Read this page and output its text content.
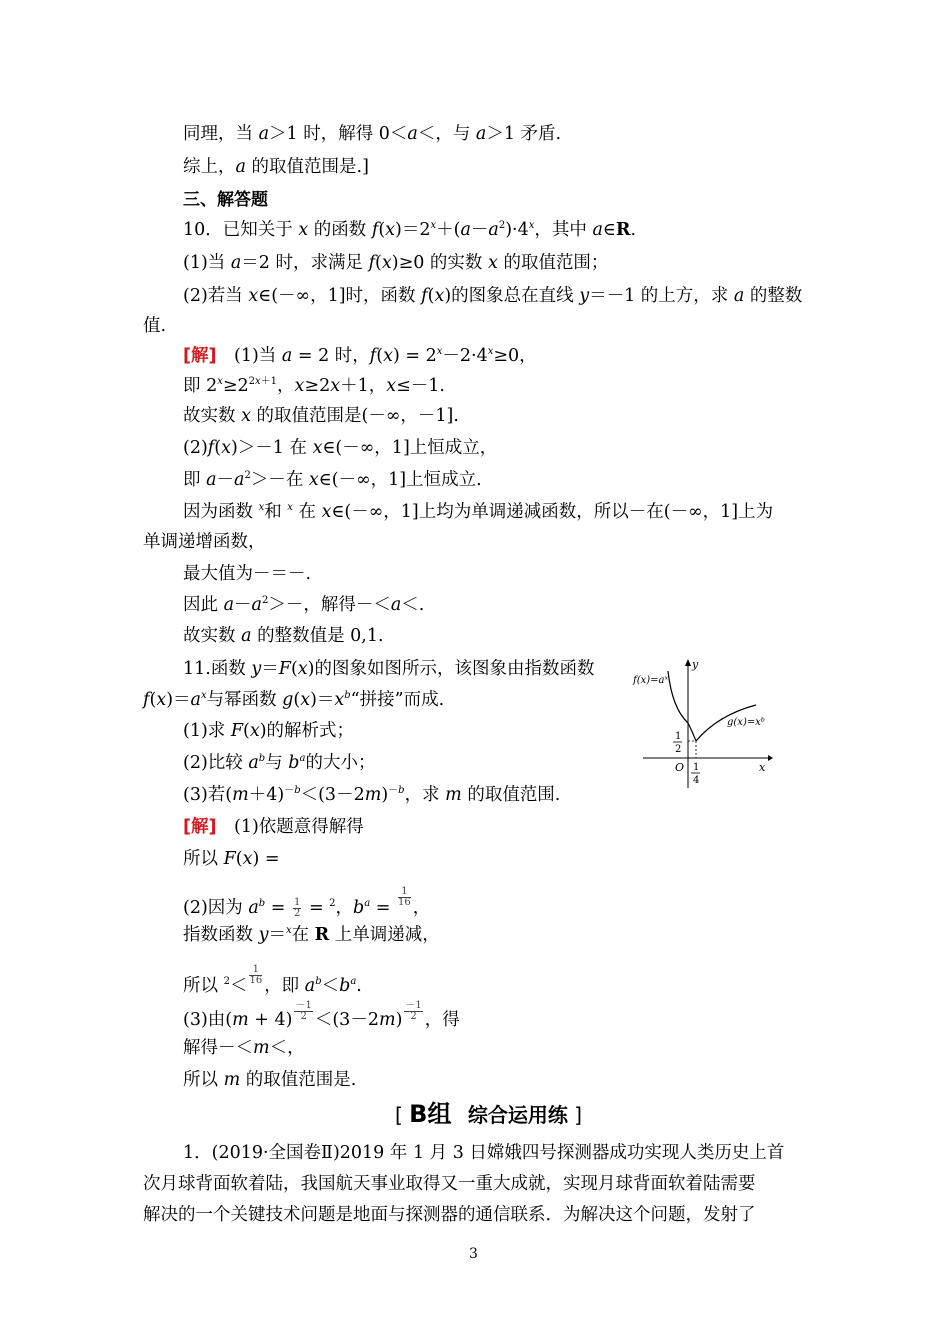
同理，当 a＞1 时，解得 0＜a＜，与 a＞1 矛盾.
综上，a 的取值范围是.]
三、解答题
10．已知关于 x 的函数 $f(x)=2^x+(a-a^2)\cdot 4^x$，其中 a∈R.
(1)当 a＝2 时，求满足 f(x)≥0 的实数 x 的取值范围；
(2)若当 x∈(－∞，1]时，函数 f(x)的图象总在直线 y＝－1 的上方，求 a 的整数
值.
[解]　(1)当 a = 2 时，$f(x) = 2^x-2\cdot 4^x\ge 0$，
即 $2^x\ge 2^{2x+1}$，x≥2x＋1，x≤－1.
故实数 x 的取值范围是(－∞，－1].
(2)f(x)＞－1 在 x∈(－∞，1]上恒成立，
即 $a-a^2>-$在 x∈(－∞，1]上恒成立.
因为函数 $^x$和 $^x$ 在 x∈(－∞，1]上均为单调递减函数，所以－在(－∞，1]上为
单调递增函数，
最大值为－＝－.
因此 $a-a^2>-$，解得－＜a＜.
故实数 a 的整数值是 0,1.
11.函数 y＝F(x)的图象如图所示，该图象由指数函数
$f(x)=a^x$与幂函数 $g(x)=x^b“$拼接”而成.
(1)求 F(x)的解析式；
(2)比较 $a^b$与 $b^a$的大小；
(3)若$(m+4)^{-b}<(3-2m)^{-b}$，求 m 的取值范围.
f(x)=aˣ
g(x)=xᵇ
y
x
O
1
2
1
4
[解]　(1)依题意得解得
所以 F(x) =
(2)因为 $a^b = \frac{1}{2} = ^2$，$b^a = \frac{1}{16}$ ，
指数函数 y＝$^x$在 R 上单调递减，
所以 $^2< \frac{1}{16}$ ，即 $a^b<b^a$.
(3)由$(m + 4) \frac{-1}{2} <(3-2m) \frac{-1}{2}$ ，得
解得－＜m＜，
所以 m 的取值范围是.
[ B组 综合运用练 ]
1．(2019·全国卷Ⅱ)2019 年 1 月 3 日嫦娥四号探测器成功实现人类历史上首
次月球背面软着陆，我国航天事业取得又一重大成就，实现月球背面软着陆需要
解决的一个关键技术问题是地面与探测器的通信联系．为解决这个问题，发射了
3
